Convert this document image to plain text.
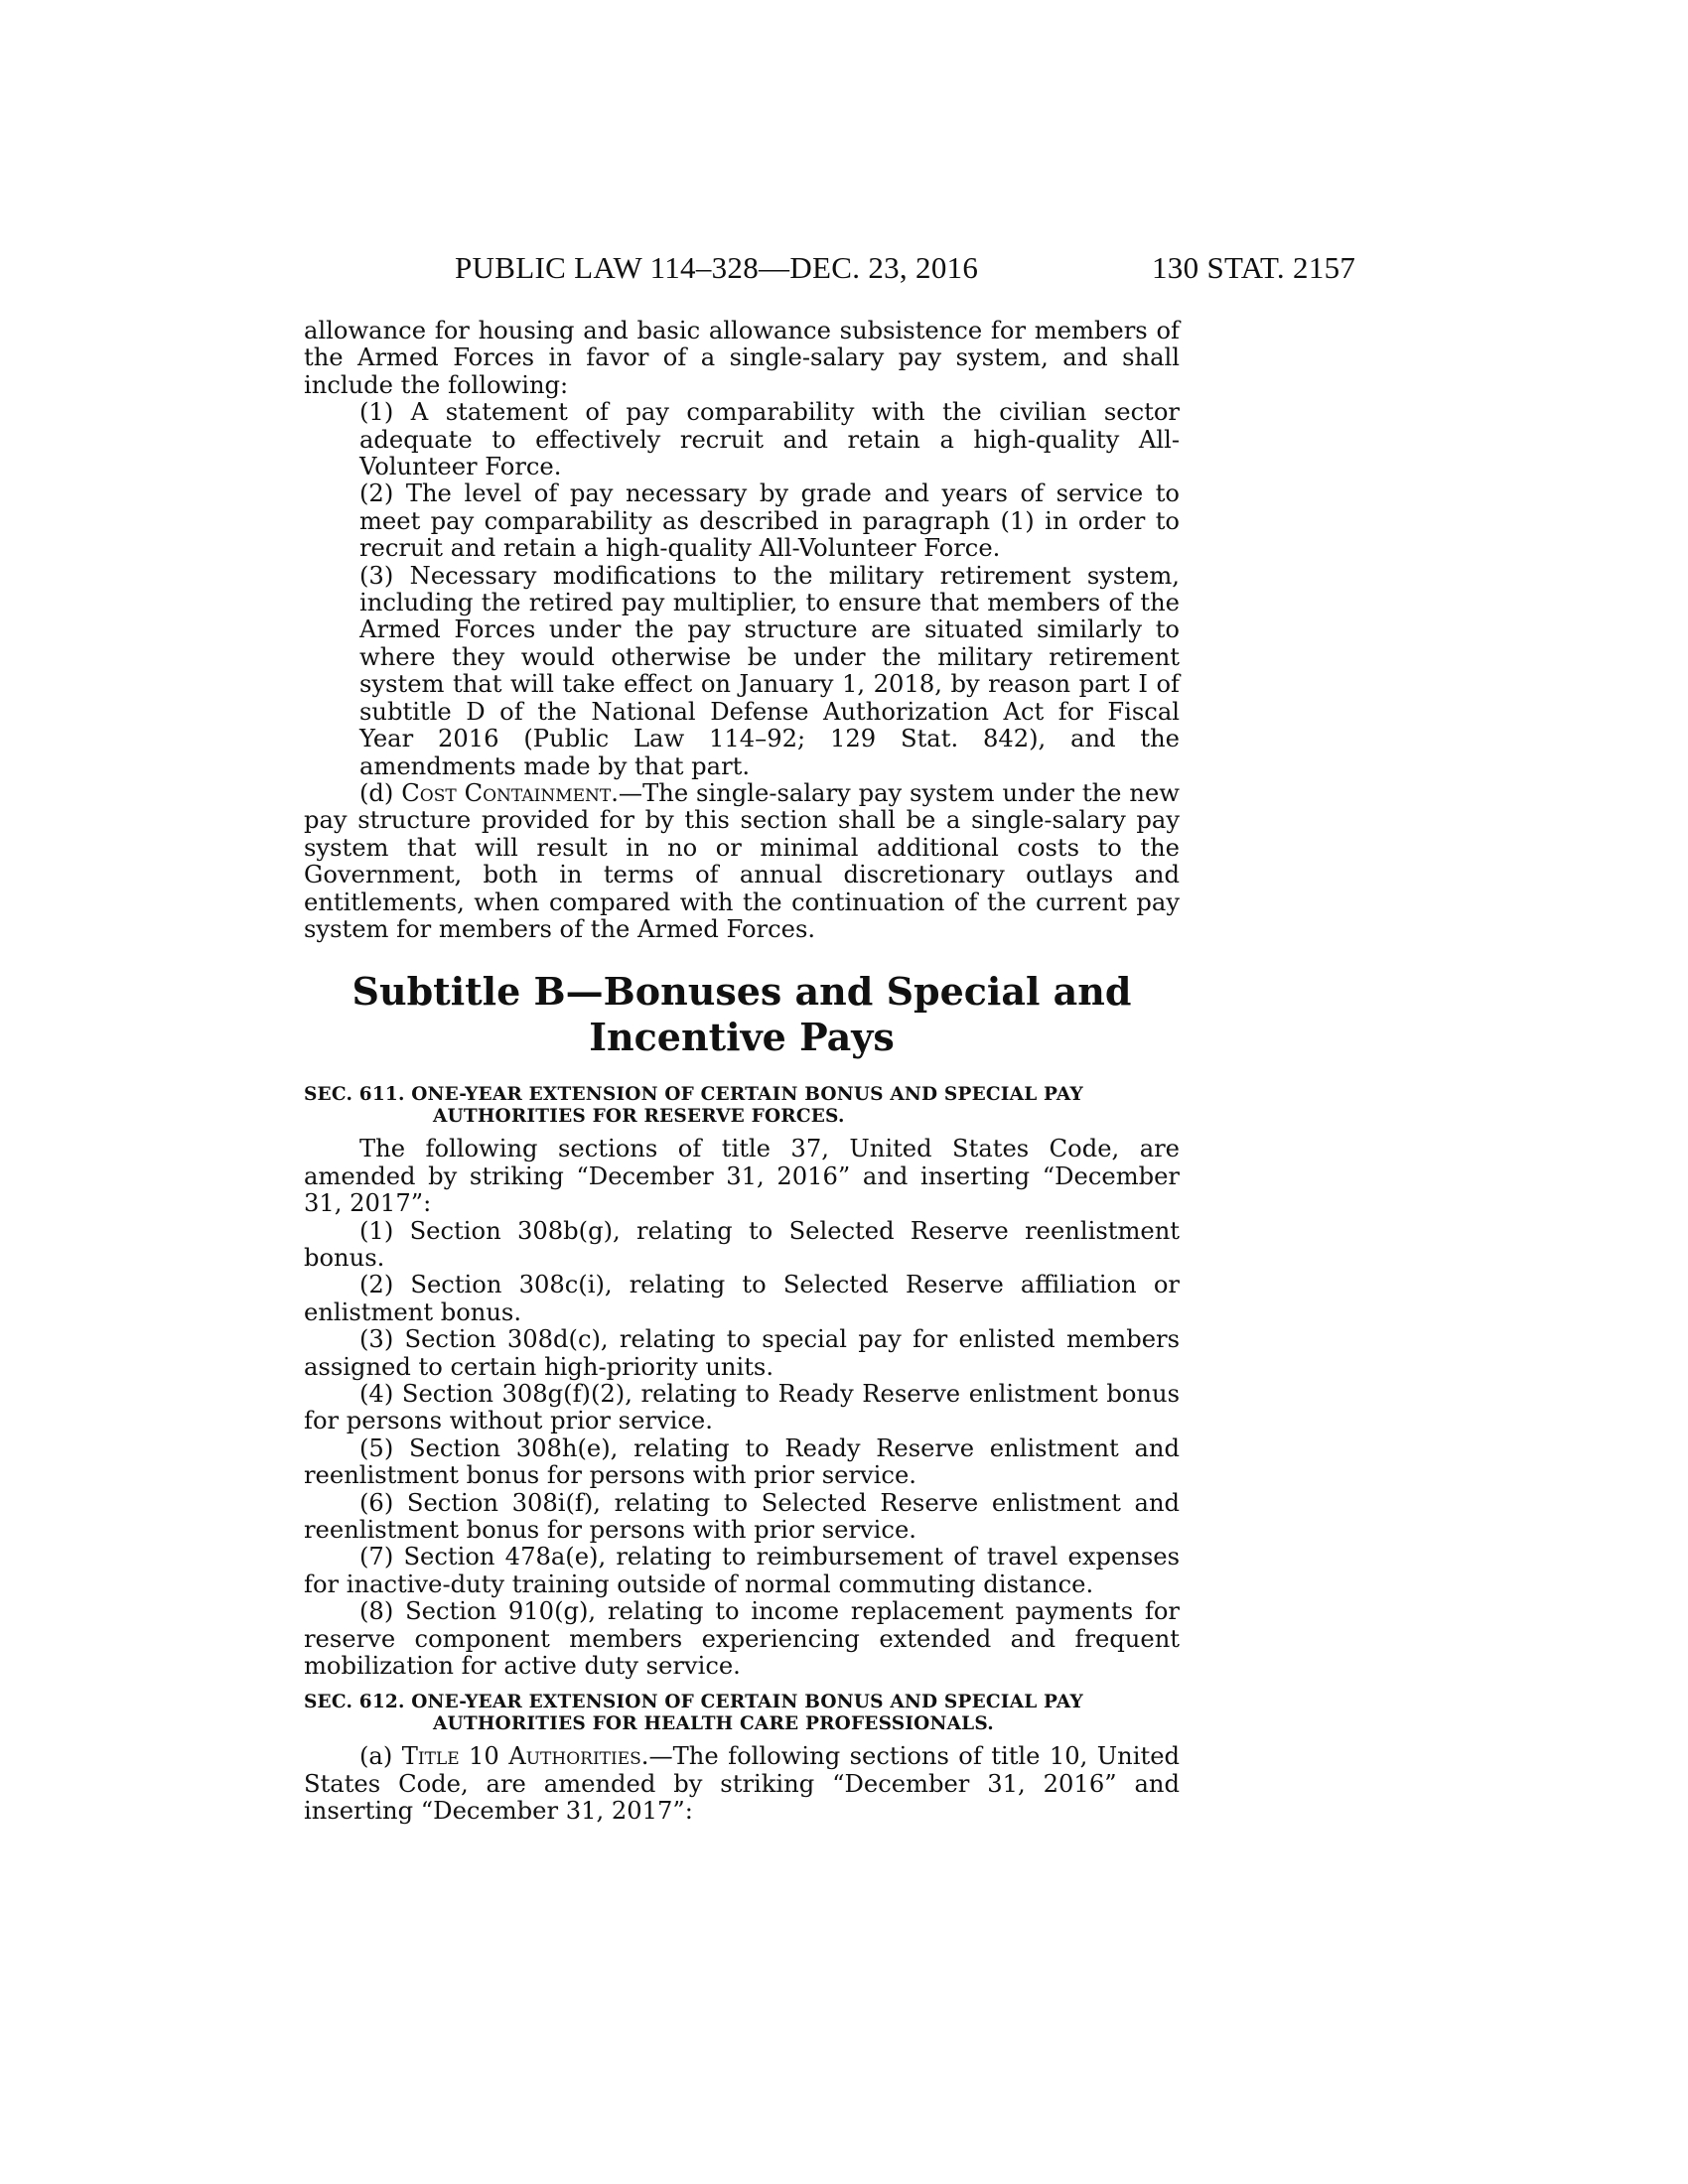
PUBLIC LAW 114–328—DEC. 23, 2016	130 STAT. 2157

allowance for housing and basic allowance subsistence for members of the Armed Forces in favor of a single-salary pay system, and shall include the following:

(1) A statement of pay comparability with the civilian sector adequate to effectively recruit and retain a high-quality All-Volunteer Force.

(2) The level of pay necessary by grade and years of service to meet pay comparability as described in paragraph (1) in order to recruit and retain a high-quality All-Volunteer Force.

(3) Necessary modifications to the military retirement system, including the retired pay multiplier, to ensure that members of the Armed Forces under the pay structure are situated similarly to where they would otherwise be under the military retirement system that will take effect on January 1, 2018, by reason part I of subtitle D of the National Defense Authorization Act for Fiscal Year 2016 (Public Law 114–92; 129 Stat. 842), and the amendments made by that part.

(d) Cost Containment.—The single-salary pay system under the new pay structure provided for by this section shall be a single-salary pay system that will result in no or minimal additional costs to the Government, both in terms of annual discretionary outlays and entitlements, when compared with the continuation of the current pay system for members of the Armed Forces.

Subtitle B—Bonuses and Special and
Incentive Pays

SEC. 611. ONE-YEAR EXTENSION OF CERTAIN BONUS AND SPECIAL PAY AUTHORITIES FOR RESERVE FORCES.

The following sections of title 37, United States Code, are amended by striking “December 31, 2016” and inserting “December 31, 2017”:

(1) Section 308b(g), relating to Selected Reserve reenlistment bonus.

(2) Section 308c(i), relating to Selected Reserve affiliation or enlistment bonus.

(3) Section 308d(c), relating to special pay for enlisted members assigned to certain high-priority units.

(4) Section 308g(f)(2), relating to Ready Reserve enlistment bonus for persons without prior service.

(5) Section 308h(e), relating to Ready Reserve enlistment and reenlistment bonus for persons with prior service.

(6) Section 308i(f), relating to Selected Reserve enlistment and reenlistment bonus for persons with prior service.

(7) Section 478a(e), relating to reimbursement of travel expenses for inactive-duty training outside of normal commuting distance.

(8) Section 910(g), relating to income replacement payments for reserve component members experiencing extended and frequent mobilization for active duty service.

SEC. 612. ONE-YEAR EXTENSION OF CERTAIN BONUS AND SPECIAL PAY AUTHORITIES FOR HEALTH CARE PROFESSIONALS.

(a) Title 10 Authorities.—The following sections of title 10, United States Code, are amended by striking “December 31, 2016” and inserting “December 31, 2017”:
